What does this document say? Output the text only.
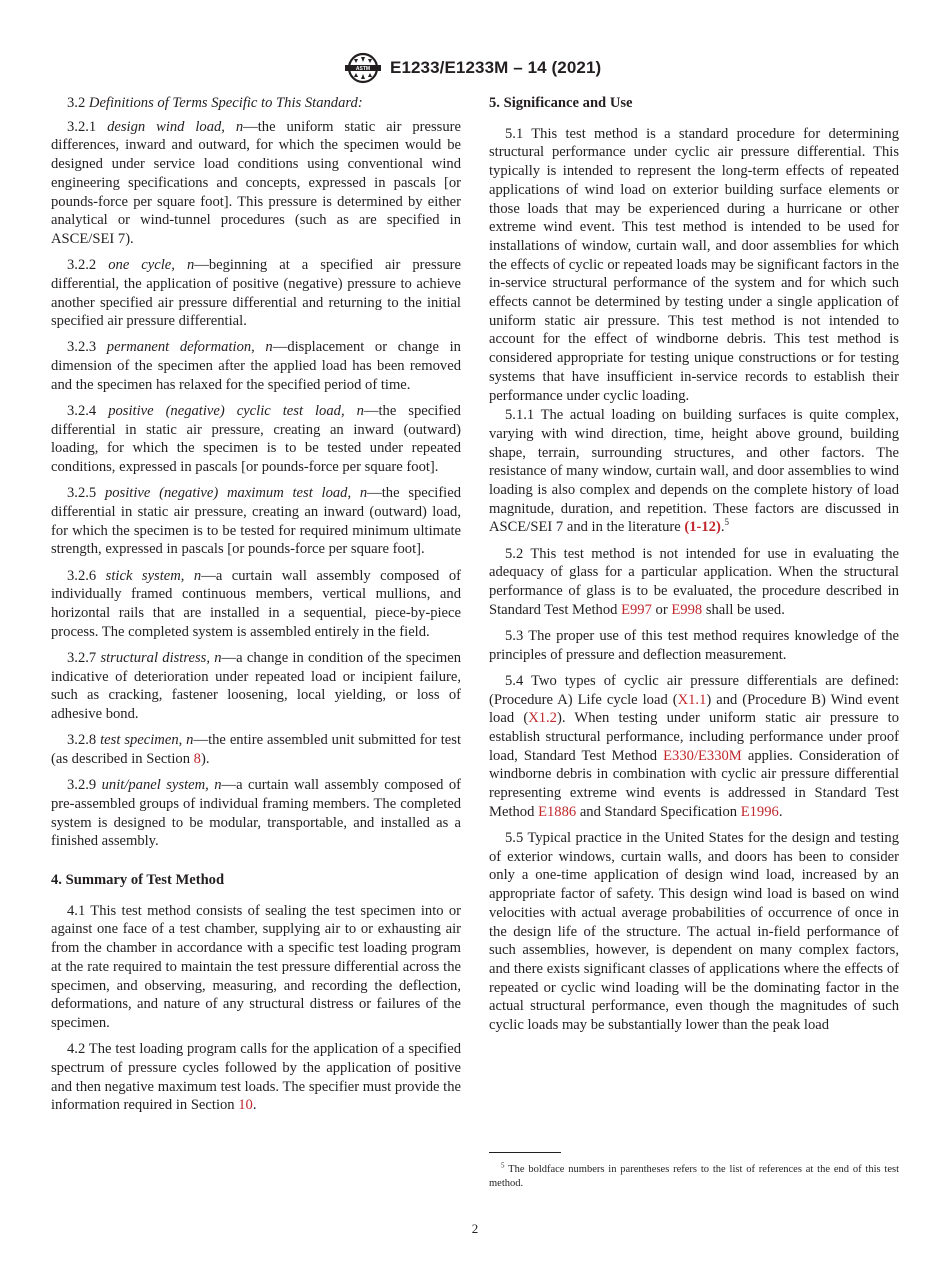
ASTM E1233/E1233M – 14 (2021)

3.2 Definitions of Terms Specific to This Standard:

3.2.1 design wind load, n—the uniform static air pressure differences, inward and outward, for which the specimen would be designed under service load conditions using conventional wind engineering specifications and concepts, expressed in pascals [or pounds-force per square foot]. This pressure is determined by either analytical or wind-tunnel procedures (such as are specified in ASCE/SEI 7).

3.2.2 one cycle, n—beginning at a specified air pressure differential, the application of positive (negative) pressure to achieve another specified air pressure differential and returning to the initial specified air pressure differential.

3.2.3 permanent deformation, n—displacement or change in dimension of the specimen after the applied load has been removed and the specimen has relaxed for the specified period of time.

3.2.4 positive (negative) cyclic test load, n—the specified differential in static air pressure, creating an inward (outward) loading, for which the specimen is to be tested under repeated conditions, expressed in pascals [or pounds-force per square foot].

3.2.5 positive (negative) maximum test load, n—the specified differential in static air pressure, creating an inward (outward) load, for which the specimen is to be tested for required minimum ultimate strength, expressed in pascals [or pounds-force per square foot].

3.2.6 stick system, n—a curtain wall assembly composed of individually framed continuous members, vertical mullions, and horizontal rails that are installed in a sequential, piece-by-piece process. The completed system is assembled entirely in the field.

3.2.7 structural distress, n—a change in condition of the specimen indicative of deterioration under repeated load or incipient failure, such as cracking, fastener loosening, local yielding, or loss of adhesive bond.

3.2.8 test specimen, n—the entire assembled unit submitted for test (as described in Section 8).

3.2.9 unit/panel system, n—a curtain wall assembly composed of pre-assembled groups of individual framing members. The completed system is designed to be modular, transportable, and installed as a finished assembly.

4. Summary of Test Method

4.1 This test method consists of sealing the test specimen into or against one face of a test chamber, supplying air to or exhausting air from the chamber in accordance with a specific test loading program at the rate required to maintain the test pressure differential across the specimen, and observing, measuring, and recording the deflection, deformations, and nature of any structural distress or failures of the specimen.

4.2 The test loading program calls for the application of a specified spectrum of pressure cycles followed by the application of positive and then negative maximum test loads. The specifier must provide the information required in Section 10.

5. Significance and Use

5.1 This test method is a standard procedure for determining structural performance under cyclic air pressure differential. This typically is intended to represent the long-term effects of repeated applications of wind load on exterior building surface elements or those loads that may be experienced during a hurricane or other extreme wind event. This test method is intended to be used for installations of window, curtain wall, and door assemblies for which the effects of cyclic or repeated loads may be significant factors in the in-service structural performance of the system and for which such effects cannot be determined by testing under a single application of uniform static air pressure. This test method is not intended to account for the effect of windborne debris. This test method is considered appropriate for testing unique constructions or for testing systems that have insufficient in-service records to establish their performance under cyclic loading.

5.1.1 The actual loading on building surfaces is quite complex, varying with wind direction, time, height above ground, building shape, terrain, surrounding structures, and other factors. The resistance of many window, curtain wall, and door assemblies to wind loading is also complex and depends on the complete history of load magnitude, duration, and repetition. These factors are discussed in ASCE/SEI 7 and in the literature (1-12).$^5$

5.2 This test method is not intended for use in evaluating the adequacy of glass for a particular application. When the structural performance of glass is to be evaluated, the procedure described in Standard Test Method E997 or E998 shall be used.

5.3 The proper use of this test method requires knowledge of the principles of pressure and deflection measurement.

5.4 Two types of cyclic air pressure differentials are defined: (Procedure A) Life cycle load (X1.1) and (Procedure B) Wind event load (X1.2). When testing under uniform static air pressure to establish structural performance, including performance under proof load, Standard Test Method E330/E330M applies. Consideration of windborne debris in combination with cyclic air pressure differential representing extreme wind events is addressed in Standard Test Method E1886 and Standard Specification E1996.

5.5 Typical practice in the United States for the design and testing of exterior windows, curtain walls, and doors has been to consider only a one-time application of design wind load, increased by an appropriate factor of safety. This design wind load is based on wind velocities with actual average probabilities of occurrence of once in the design life of the structure. The actual in-field performance of such assemblies, however, is dependent on many complex factors, and there exists significant classes of applications where the effects of repeated or cyclic wind loading will be the dominating factor in the actual structural performance, even though the magnitudes of such cyclic loads may be substantially lower than the peak load

$^5$ The boldface numbers in parentheses refers to the list of references at the end of this test method.
2
